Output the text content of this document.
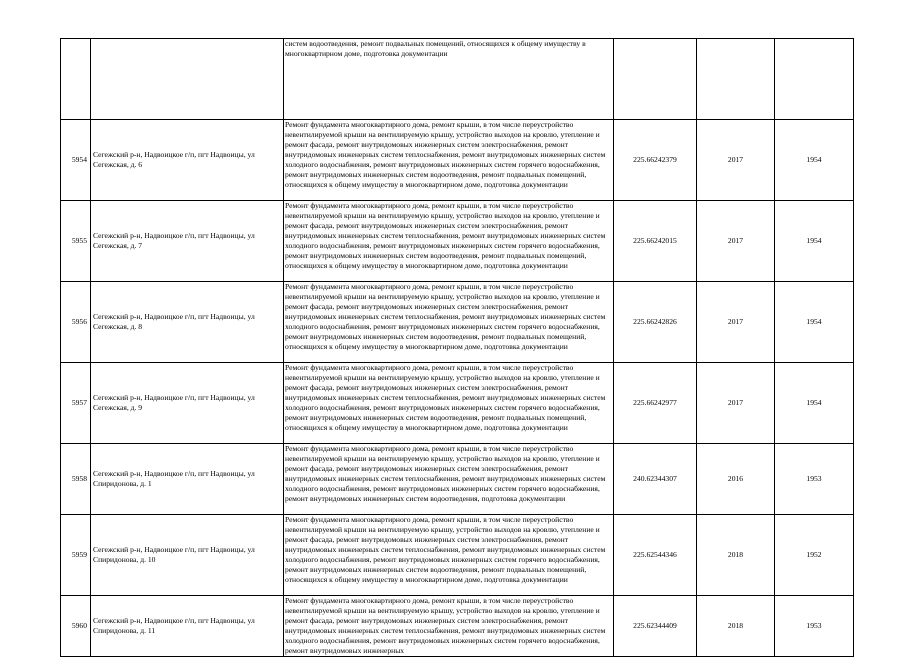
		систем водоотведения, ремонт подвальных помещений, относящихся к общему имуществу в многоквартирном доме, подготовка документации			

5954	Сегежский р-н, Надвоицкое г/п, пгт Надвоицы, ул Сегежская, д. 6	Ремонт фундамента многоквартирного дома, ремонт крыши, в том числе переустройство невентилируемой крыши на вентилируемую крышу, устройство выходов на кровлю, утепление и ремонт фасада, ремонт внутридомовых инженерных систем электроснабжения, ремонт внутридомовых инженерных систем теплоснабжения, ремонт внутридомовых инженерных систем холодного водоснабжения, ремонт внутридомовых инженерных систем горячего водоснабжения, ремонт внутридомовых инженерных систем водоотведения, ремонт подвальных помещений, относящихся к общему имуществу в многоквартирном доме, подготовка документации	225.66242379	2017	1954
5955	Сегежский р-н, Надвоицкое г/п, пгт Надвоицы, ул Сегежская, д. 7	Ремонт фундамента многоквартирного дома, ремонт крыши, в том числе переустройство невентилируемой крыши на вентилируемую крышу, устройство выходов на кровлю, утепление и ремонт фасада, ремонт внутридомовых инженерных систем электроснабжения, ремонт внутридомовых инженерных систем теплоснабжения, ремонт внутридомовых инженерных систем холодного водоснабжения, ремонт внутридомовых инженерных систем горячего водоснабжения, ремонт внутридомовых инженерных систем водоотведения, ремонт подвальных помещений, относящихся к общему имуществу в многоквартирном доме, подготовка документации	225.66242015	2017	1954
5956	Сегежский р-н, Надвоицкое г/п, пгт Надвоицы, ул Сегежская, д. 8	Ремонт фундамента многоквартирного дома, ремонт крыши, в том числе переустройство невентилируемой крыши на вентилируемую крышу, устройство выходов на кровлю, утепление и ремонт фасада, ремонт внутридомовых инженерных систем электроснабжения, ремонт внутридомовых инженерных систем теплоснабжения, ремонт внутридомовых инженерных систем холодного водоснабжения, ремонт внутридомовых инженерных систем горячего водоснабжения, ремонт внутридомовых инженерных систем водоотведения, ремонт подвальных помещений, относящихся к общему имуществу в многоквартирном доме, подготовка документации	225.66242826	2017	1954
5957	Сегежский р-н, Надвоицкое г/п, пгт Надвоицы, ул Сегежская, д. 9	Ремонт фундамента многоквартирного дома, ремонт крыши, в том числе переустройство невентилируемой крыши на вентилируемую крышу, устройство выходов на кровлю, утепление и ремонт фасада, ремонт внутридомовых инженерных систем электроснабжения, ремонт внутридомовых инженерных систем теплоснабжения, ремонт внутридомовых инженерных систем холодного водоснабжения, ремонт внутридомовых инженерных систем горячего водоснабжения, ремонт внутридомовых инженерных систем водоотведения, ремонт подвальных помещений, относящихся к общему имуществу в многоквартирном доме, подготовка документации	225.66242977	2017	1954
5958	Сегежский р-н, Надвоицкое г/п, пгт Надвоицы, ул Спиридонова, д. 1	Ремонт фундамента многоквартирного дома, ремонт крыши, в том числе переустройство невентилируемой крыши на вентилируемую крышу, устройство выходов на кровлю, утепление и ремонт фасада, ремонт внутридомовых инженерных систем электроснабжения, ремонт внутридомовых инженерных систем теплоснабжения, ремонт внутридомовых инженерных систем холодного водоснабжения, ремонт внутридомовых инженерных систем горячего водоснабжения, ремонт внутридомовых инженерных систем водоотведения, подготовка документации	240.62344307	2016	1953
5959	Сегежский р-н, Надвоицкое г/п, пгт Надвоицы, ул Спиридонова, д. 10	Ремонт фундамента многоквартирного дома, ремонт крыши, в том числе переустройство невентилируемой крыши на вентилируемую крышу, устройство выходов на кровлю, утепление и ремонт фасада, ремонт внутридомовых инженерных систем электроснабжения, ремонт внутридомовых инженерных систем теплоснабжения, ремонт внутридомовых инженерных систем холодного водоснабжения, ремонт внутридомовых инженерных систем горячего водоснабжения, ремонт внутридомовых инженерных систем водоотведения, ремонт подвальных помещений, относящихся к общему имуществу в многоквартирном доме, подготовка документации	225.62544346	2018	1952
5960	Сегежский р-н, Надвоицкое г/п, пгт Надвоицы, ул Спиридонова, д. 11	Ремонт фундамента многоквартирного дома, ремонт крыши, в том числе переустройство невентилируемой крыши на вентилируемую крышу, устройство выходов на кровлю, утепление и ремонт фасада, ремонт внутридомовых инженерных систем электроснабжения, ремонт внутридомовых инженерных систем теплоснабжения, ремонт внутридомовых инженерных систем холодного водоснабжения, ремонт внутридомовых инженерных систем горячего водоснабжения, ремонт внутридомовых инженерных	225.62344409	2018	1953
